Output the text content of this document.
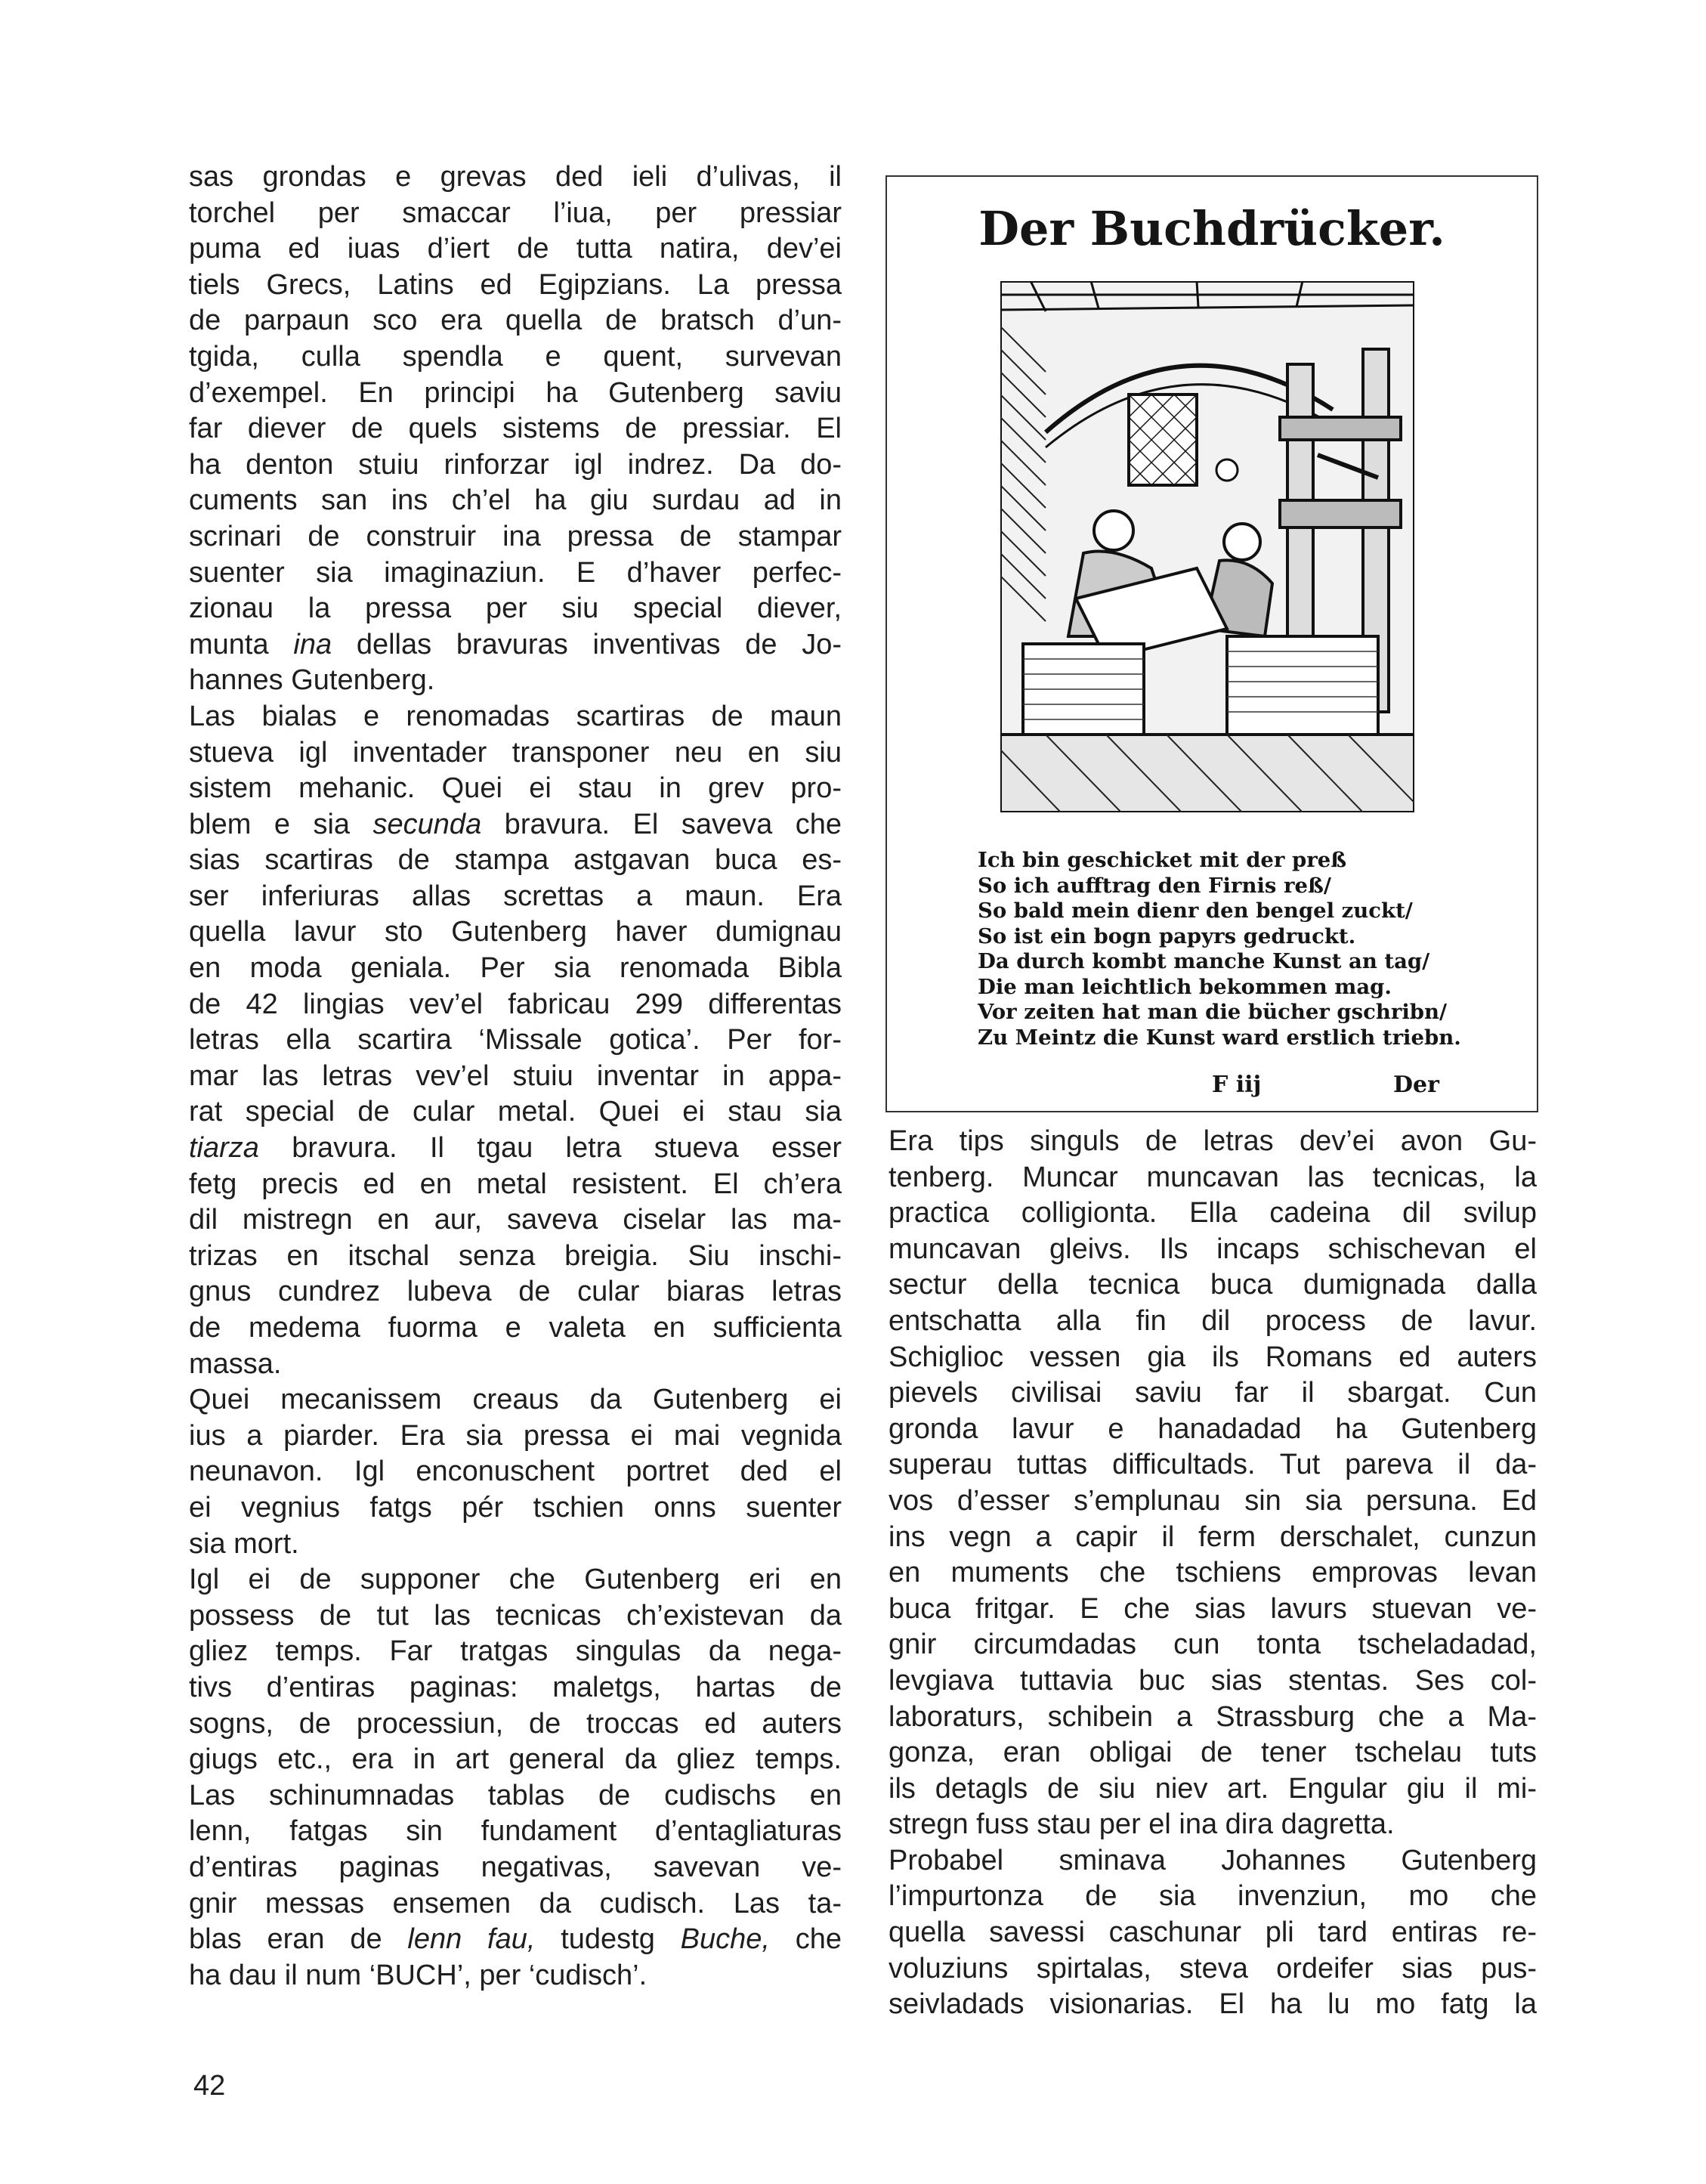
sas grondas e grevas ded ieli d’ulivas, il
torchel per smaccar l’iua, per pressiar
puma ed iuas d’iert de tutta natira, dev’ei
tiels Grecs, Latins ed Egipzians. La pressa
de parpaun sco era quella de bratsch d’un-
tgida, culla spendla e quent, survevan
d’exempel. En principi ha Gutenberg saviu
far diever de quels sistems de pressiar. El
ha denton stuiu rinforzar igl indrez. Da do-
cuments san ins ch’el ha giu surdau ad in
scrinari de construir ina pressa de stampar
suenter sia imaginaziun. E d’haver perfec-
zionau la pressa per siu special diever,
munta ina dellas bravuras inventivas de Jo-
hannes Gutenberg.
Las bialas e renomadas scartiras de maun
stueva igl inventader transponer neu en siu
sistem mehanic. Quei ei stau in grev pro-
blem e sia secunda bravura. El saveva che
sias scartiras de stampa astgavan buca es-
ser inferiuras allas screttas a maun. Era
quella lavur sto Gutenberg haver dumignau
en moda geniala. Per sia renomada Bibla
de 42 lingias vev’el fabricau 299 differentas
letras ella scartira ‘Missale gotica’. Per for-
mar las letras vev’el stuiu inventar in appa-
rat special de cular metal. Quei ei stau sia
tiarza bravura. Il tgau letra stueva esser
fetg precis ed en metal resistent. El ch’era
dil mistregn en aur, saveva ciselar las ma-
trizas en itschal senza breigia. Siu inschi-
gnus cundrez lubeva de cular biaras letras
de medema fuorma e valeta en sufficienta
massa.
Quei mecanissem creaus da Gutenberg ei
ius a piarder. Era sia pressa ei mai vegnida
neunavon. Igl enconuschent portret ded el
ei vegnius fatgs pér tschien onns suenter
sia mort.
Igl ei de supponer che Gutenberg eri en
possess de tut las tecnicas ch’existevan da
gliez temps. Far tratgas singulas da nega-
tivs d’entiras paginas: maletgs, hartas de
sogns, de processiun, de troccas ed auters
giugs etc., era in art general da gliez temps.
Las schinumnadas tablas de cudischs en
lenn, fatgas sin fundament d’entagliaturas
d’entiras paginas negativas, savevan ve-
gnir messas ensemen da cudisch. Las ta-
blas eran de lenn fau, tudestg Buche, che
ha dau il num ‘BUCH’, per ‘cudisch’.
Der Buchdrücker.
Ich bin geschicket mit der preß
So ich aufftrag den Firnis reß/
So bald mein dienr den bengel zuckt/
So ist ein bogn papyrs gedruckt.
Da durch kombt manche Kunst an tag/
Die man leichtlich bekommen mag.
Vor zeiten hat man die bücher gschribn/
Zu Meintz die Kunst ward erstlich triebn.
F iij	Der
Era tips singuls de letras dev’ei avon Gu-
tenberg. Muncar muncavan las tecnicas, la
practica colligionta. Ella cadeina dil svilup
muncavan gleivs. Ils incaps schischevan el
sectur della tecnica buca dumignada dalla
entschatta alla fin dil process de lavur.
Schiglioc vessen gia ils Romans ed auters
pievels civilisai saviu far il sbargat. Cun
gronda lavur e hanadadad ha Gutenberg
superau tuttas difficultads. Tut pareva il da-
vos d’esser s’emplunau sin sia persuna. Ed
ins vegn a capir il ferm derschalet, cunzun
en muments che tschiens emprovas levan
buca fritgar. E che sias lavurs stuevan ve-
gnir circumdadas cun tonta tscheladadad,
levgiava tuttavia buc sias stentas. Ses col-
laboraturs, schibein a Strassburg che a Ma-
gonza, eran obligai de tener tschelau tuts
ils detagls de siu niev art. Engular giu il mi-
stregn fuss stau per el ina dira dagretta.
Probabel sminava Johannes Gutenberg
l’impurtonza de sia invenziun, mo che
quella savessi caschunar pli tard entiras re-
voluziuns spirtalas, steva ordeifer sias pus-
seivladads visionarias. El ha lu mo fatg la
42
